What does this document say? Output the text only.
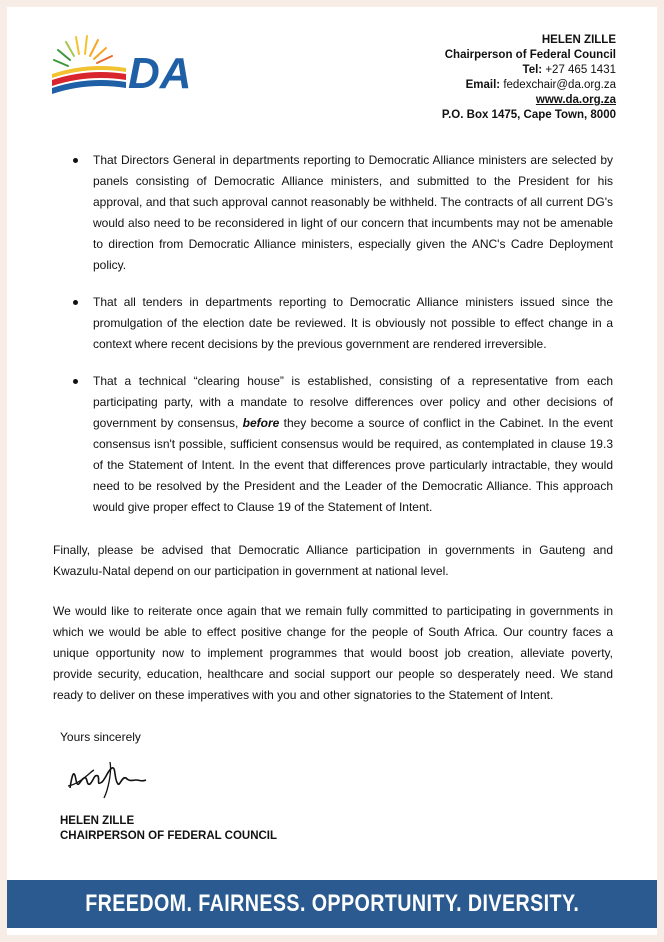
DA
HELEN ZILLE
Chairperson of Federal Council
Tel: +27 465 1431
Email: fedexchair@da.org.za
www.da.org.za
P.O. Box 1475, Cape Town, 8000
That Directors General in departments reporting to Democratic Alliance ministers are selected by panels consisting of Democratic Alliance ministers, and submitted to the President for his approval, and that such approval cannot reasonably be withheld. The contracts of all current DG's would also need to be reconsidered in light of our concern that incumbents may not be amenable to direction from Democratic Alliance ministers, especially given the ANC's Cadre Deployment policy.
That all tenders in departments reporting to Democratic Alliance ministers issued since the promulgation of the election date be reviewed. It is obviously not possible to effect change in a context where recent decisions by the previous government are rendered irreversible.
That a technical “clearing house” is established, consisting of a representative from each participating party, with a mandate to resolve differences over policy and other decisions of government by consensus, before they become a source of conflict in the Cabinet. In the event consensus isn't possible, sufficient consensus would be required, as contemplated in clause 19.3 of the Statement of Intent. In the event that differences prove particularly intractable, they would need to be resolved by the President and the Leader of the Democratic Alliance. This approach would give proper effect to Clause 19 of the Statement of Intent.

Finally, please be advised that Democratic Alliance participation in governments in Gauteng and Kwazulu-Natal depend on our participation in government at national level.

We would like to reiterate once again that we remain fully committed to participating in governments in which we would be able to effect positive change for the people of South Africa. Our country faces a unique opportunity now to implement programmes that would boost job creation, alleviate poverty, provide security, education, healthcare and social support our people so desperately need. We stand ready to deliver on these imperatives with you and other signatories to the Statement of Intent.

Yours sincerely
HELEN ZILLE
CHAIRPERSON OF FEDERAL COUNCIL
FREEDOM. FAIRNESS. OPPORTUNITY. DIVERSITY.
